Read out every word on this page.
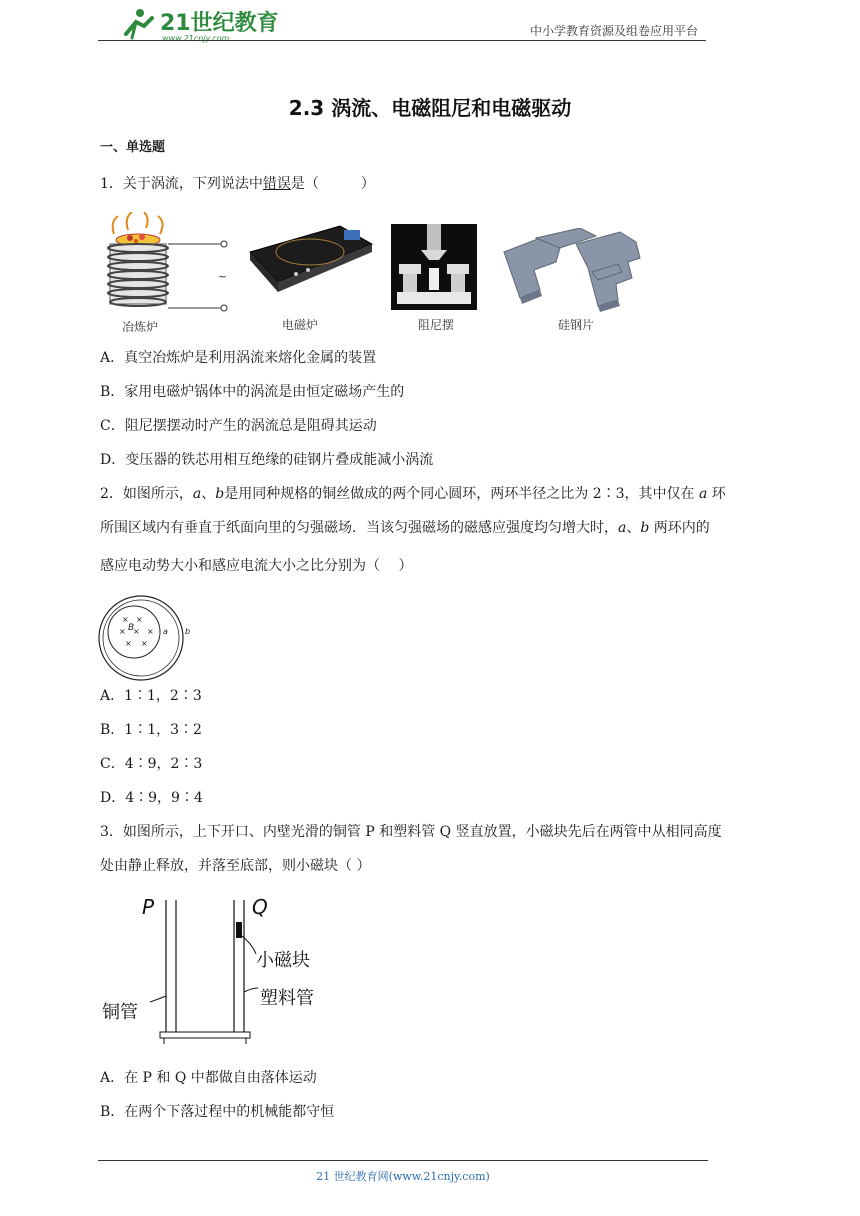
21世纪教育
www.21cnjy.com
中小学教育资源及组卷应用平台
2.3 涡流、电磁阻尼和电磁驱动
一、单选题
1．关于涡流，下列说法中错误是（　　　）
~
冶炼炉	电磁炉	阻尼摆	硅钢片
A．真空冶炼炉是利用涡流来熔化金属的装置
B．家用电磁炉锅体中的涡流是由恒定磁场产生的
C．阻尼摆摆动时产生的涡流总是阻碍其运动
D．变压器的铁芯用相互绝缘的硅钢片叠成能减小涡流
2．如图所示，a、b是用同种规格的铜丝做成的两个同心圆环，两环半径之比为 2∶3，其中仅在 a 环
所围区域内有垂直于纸面向里的匀强磁场．当该匀强磁场的磁感应强度均匀增大时，a、b 两环内的
感应电动势大小和感应电流大小之比分别为（　 ）
× ×
× × ×
× ×
B	a b
A．1∶1，2∶3
B．1∶1，3∶2
C．4∶9，2∶3
D．4∶9，9∶4
3．如图所示，上下开口、内壁光滑的铜管 P 和塑料管 Q 竖直放置，小磁块先后在两管中从相同高度
处由静止释放，并落至底部，则小磁块（ ）
P	Q
小磁块
塑料管
铜管
A．在 P 和 Q 中都做自由落体运动
B．在两个下落过程中的机械能都守恒
21 世纪教育网(www.21cnjy.com)
